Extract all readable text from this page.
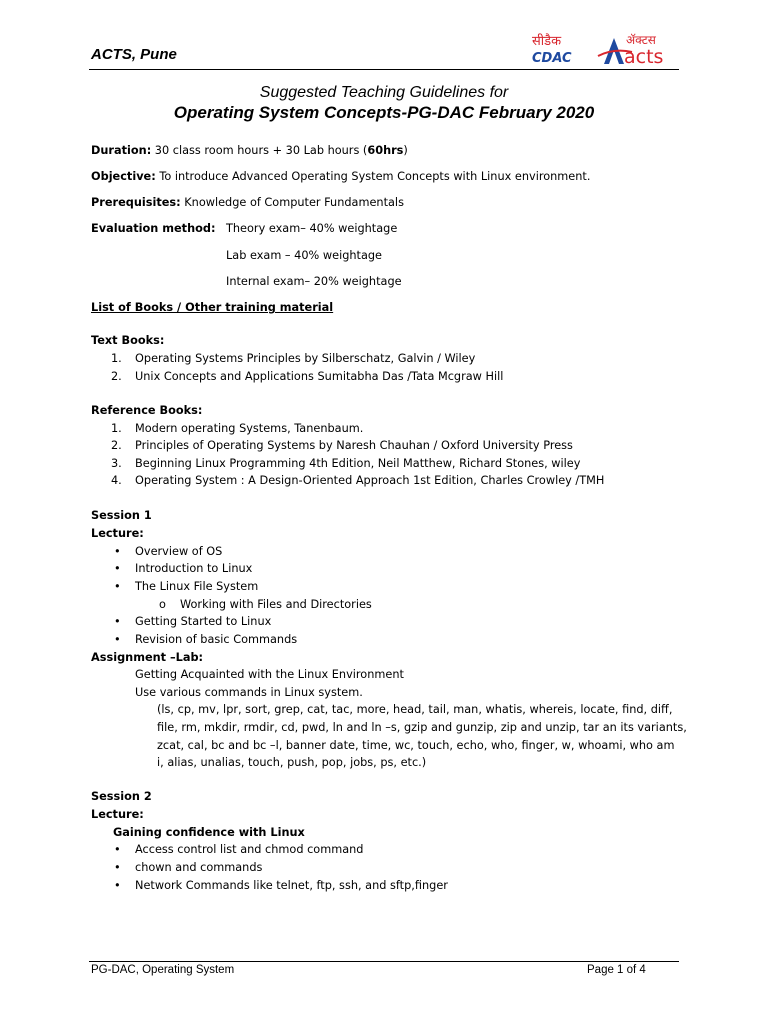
ACTS, Pune
सीडैक
CDAC
ॲक्टस
acts
Suggested Teaching Guidelines for
Operating System Concepts-PG-DAC February 2020
Duration: 30 class room hours + 30 Lab hours (60hrs)
Objective: To introduce Advanced Operating System Concepts with Linux environment.
Prerequisites: Knowledge of Computer Fundamentals
Evaluation method: Theory exam– 40% weightage
Lab exam – 40% weightage
Internal exam– 20% weightage
List of Books / Other training material
Text Books:
1. Operating Systems Principles by Silberschatz, Galvin / Wiley
2. Unix Concepts and Applications Sumitabha Das /Tata Mcgraw Hill
Reference Books:
1. Modern operating Systems, Tanenbaum.
2. Principles of Operating Systems by Naresh Chauhan / Oxford University Press
3. Beginning Linux Programming 4th Edition, Neil Matthew, Richard Stones, wiley
4. Operating System : A Design-Oriented Approach 1st Edition, Charles Crowley /TMH
Session 1
Lecture:
• Overview of OS
• Introduction to Linux
• The Linux File System
o Working with Files and Directories
• Getting Started to Linux
• Revision of basic Commands
Assignment –Lab:
Getting Acquainted with the Linux Environment
Use various commands in Linux system.
(ls, cp, mv, lpr, sort, grep, cat, tac, more, head, tail, man, whatis, whereis, locate, find, diff,
file, rm, mkdir, rmdir, cd, pwd, ln and ln –s, gzip and gunzip, zip and unzip, tar an its variants,
zcat, cal, bc and bc –l, banner date, time, wc, touch, echo, who, finger, w, whoami, who am
i, alias, unalias, touch, push, pop, jobs, ps, etc.)
Session 2
Lecture:
Gaining confidence with Linux
• Access control list and chmod command
• chown and commands
• Network Commands like telnet, ftp, ssh, and sftp,finger
PG-DAC, Operating System	Page 1 of 4
